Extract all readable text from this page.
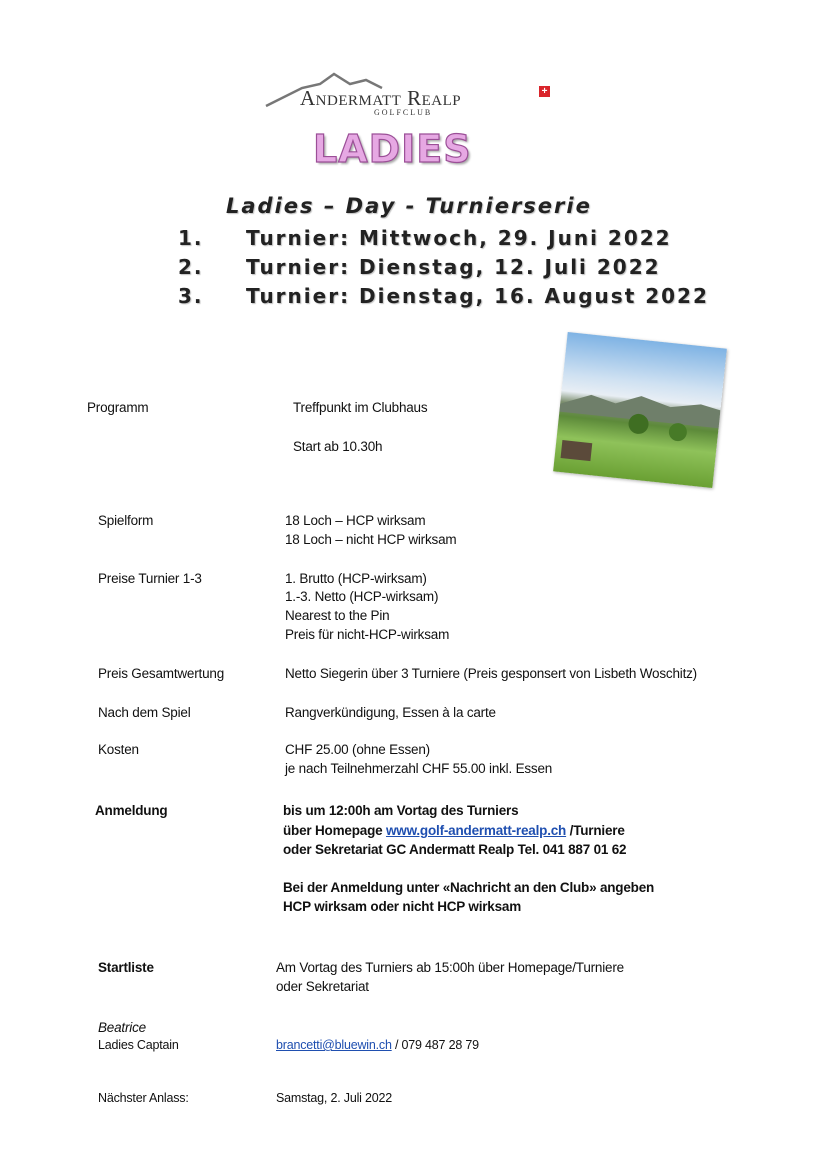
Andermatt Realp	+
GOLFCLUB
LADIES
Ladies – Day - Turnierserie
1. Turnier: Mittwoch, 29. Juni 2022
2. Turnier: Dienstag, 12. Juli 2022
3. Turnier: Dienstag, 16. August 2022
Programm	Treffpunkt im Clubhaus
Start ab 10.30h
Spielform	18 Loch – HCP wirksam
18 Loch – nicht HCP wirksam
Preise Turnier 1-3	1. Brutto (HCP-wirksam)
1.-3. Netto (HCP-wirksam)
Nearest to the Pin
Preis für nicht-HCP-wirksam
Preis Gesamtwertung	Netto Siegerin über 3 Turniere (Preis gesponsert von Lisbeth Woschitz)
Nach dem Spiel	Rangverkündigung, Essen à la carte
Kosten	CHF 25.00 (ohne Essen)
je nach Teilnehmerzahl CHF 55.00 inkl. Essen
Anmeldung	bis um 12:00h am Vortag des Turniers
über Homepage www.golf-andermatt-realp.ch /Turniere
oder Sekretariat GC Andermatt Realp Tel. 041 887 01 62
Bei der Anmeldung unter «Nachricht an den Club» angeben
HCP wirksam oder nicht HCP wirksam
Startliste	Am Vortag des Turniers ab 15:00h über Homepage/Turniere
oder Sekretariat
Beatrice
Ladies Captain	brancetti@bluewin.ch / 079 487 28 79
Nächster Anlass:	Samstag, 2. Juli 2022
